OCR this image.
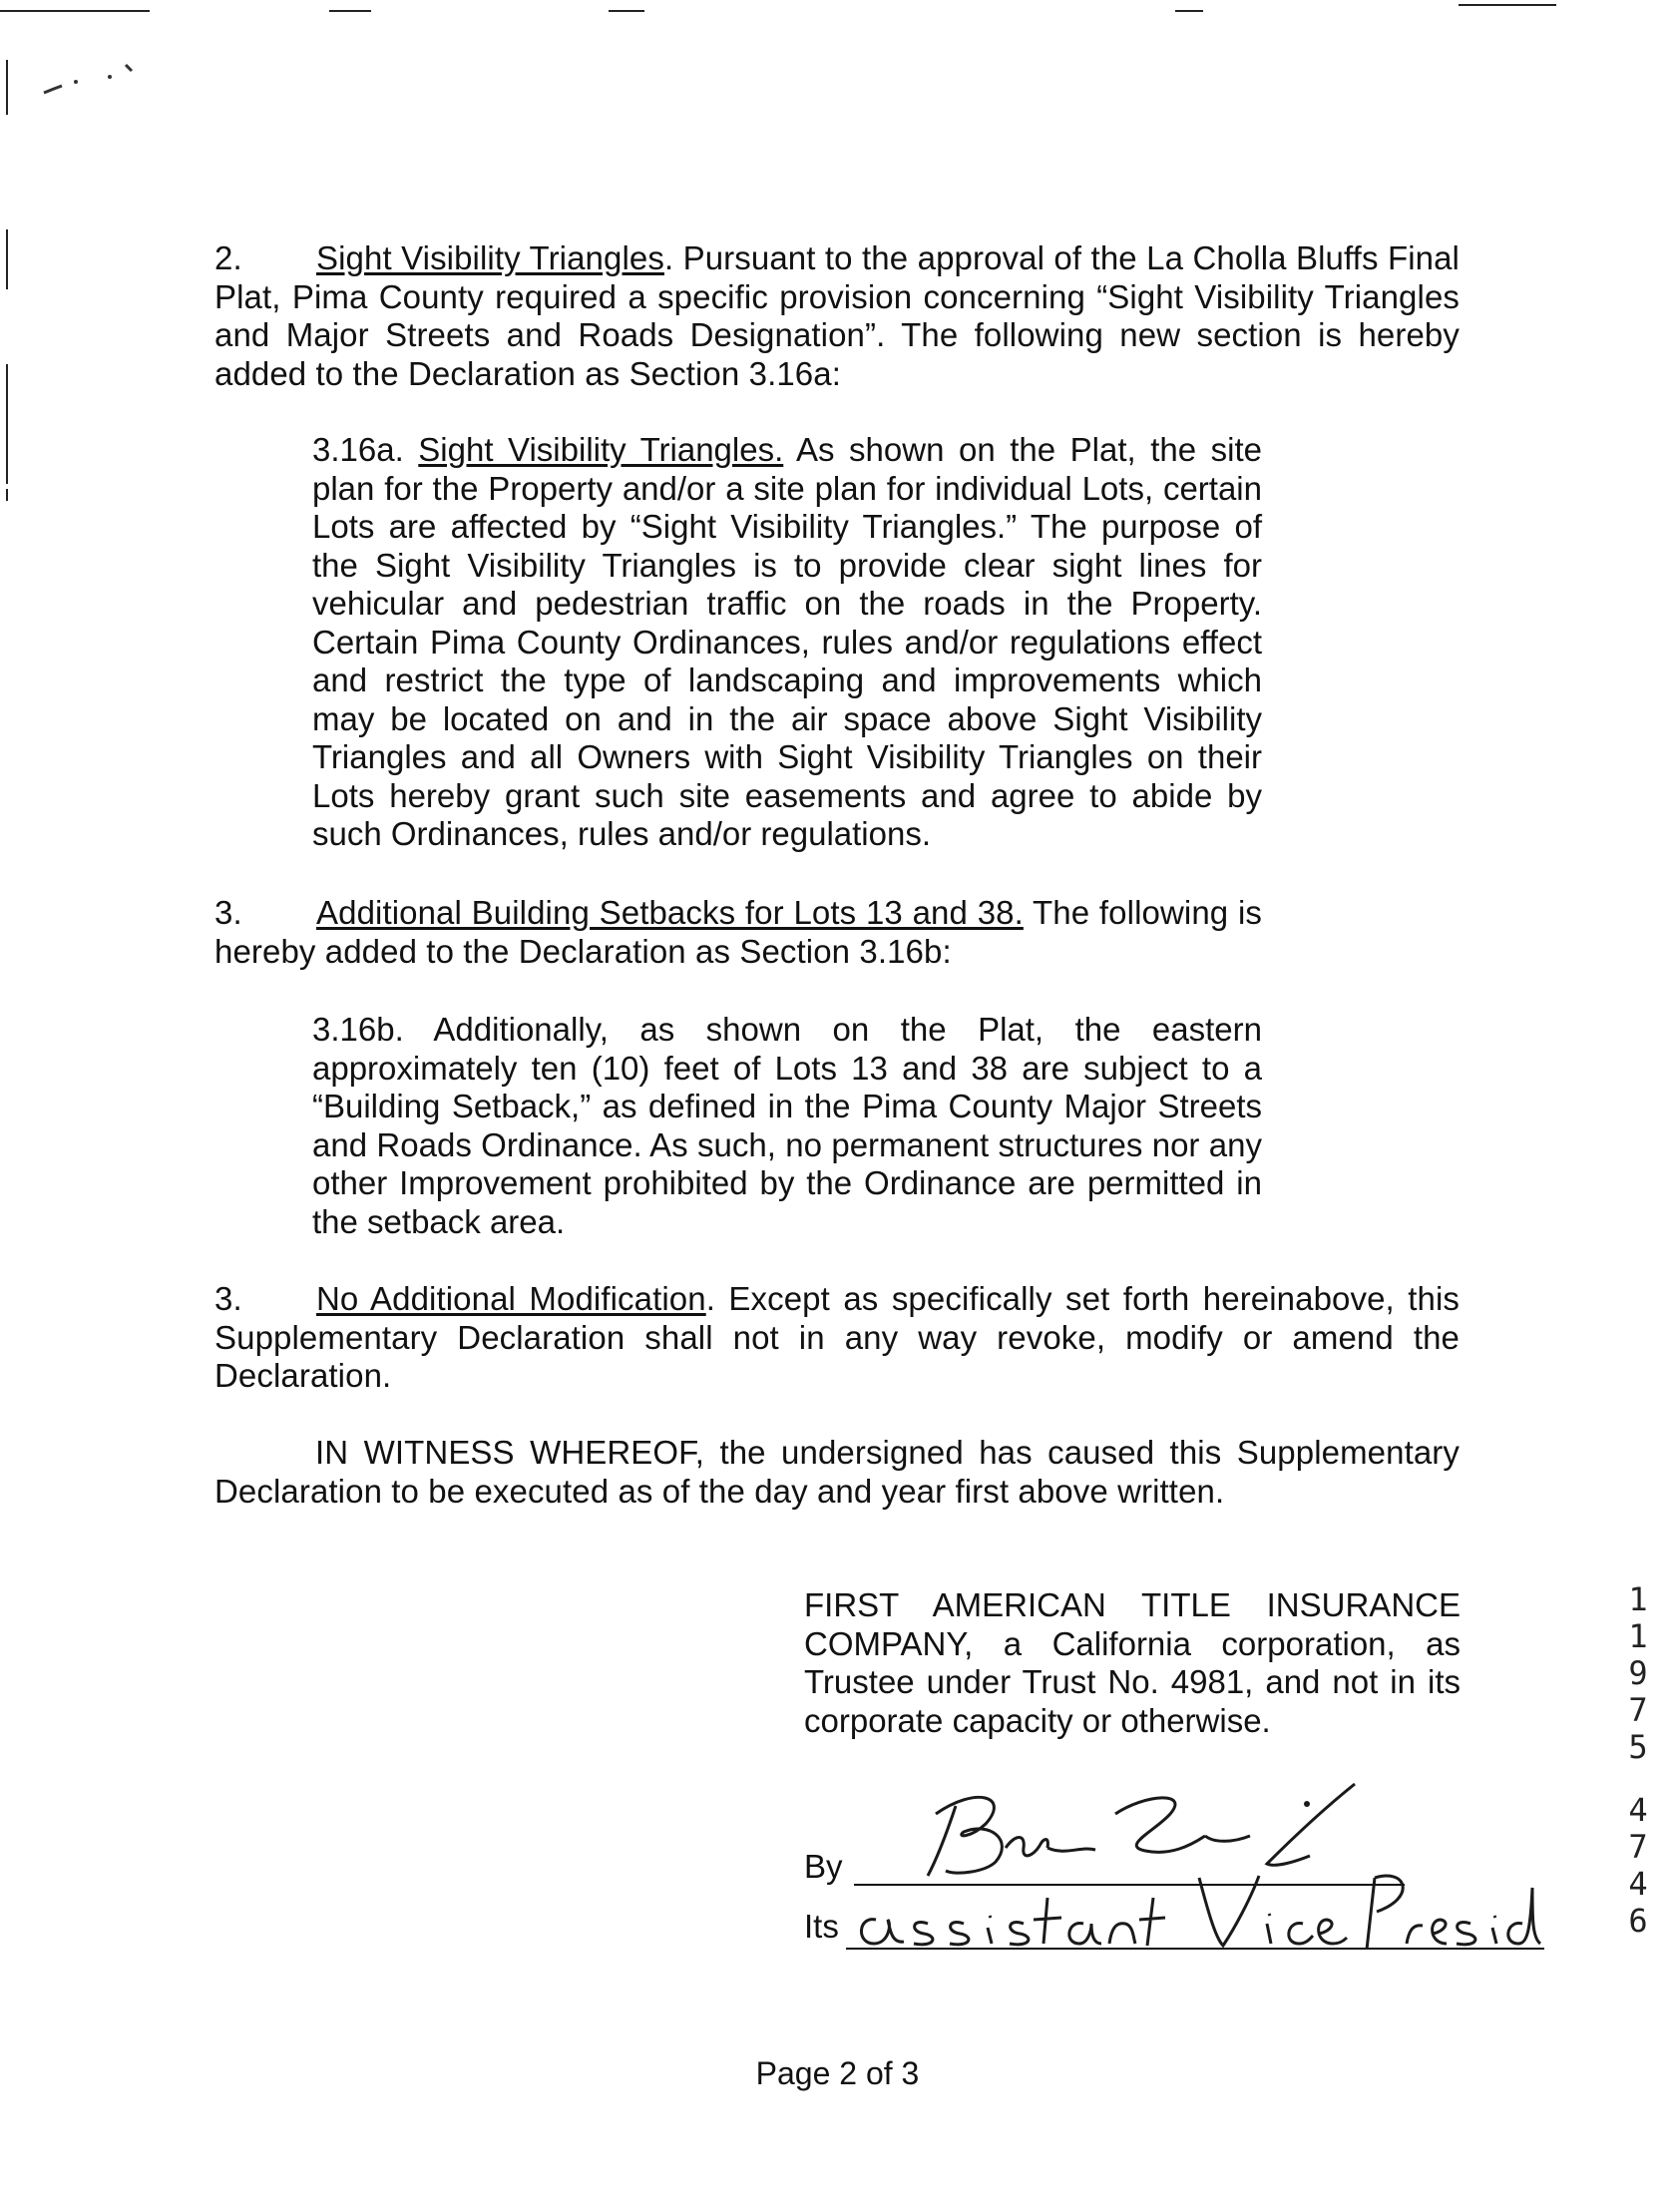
2. Sight Visibility Triangles. Pursuant to the approval of the La Cholla Bluffs Final Plat, Pima County required a specific provision concerning “Sight Visibility Triangles and Major Streets and Roads Designation”. The following new section is hereby added to the Declaration as Section 3.16a:
3.16a. Sight Visibility Triangles. As shown on the Plat, the site plan for the Property and/or a site plan for individual Lots, certain Lots are affected by “Sight Visibility Triangles.” The purpose of the Sight Visibility Triangles is to provide clear sight lines for vehicular and pedestrian traffic on the roads in the Property. Certain Pima County Ordinances, rules and/or regulations effect and restrict the type of landscaping and improvements which may be located on and in the air space above Sight Visibility Triangles and all Owners with Sight Visibility Triangles on their Lots hereby grant such site easements and agree to abide by such Ordinances, rules and/or regulations.
3. Additional Building Setbacks for Lots 13 and 38. The following is hereby added to the Declaration as Section 3.16b:
3.16b. Additionally, as shown on the Plat, the eastern approximately ten (10) feet of Lots 13 and 38 are subject to a “Building Setback,” as defined in the Pima County Major Streets and Roads Ordinance. As such, no permanent structures nor any other Improvement prohibited by the Ordinance are permitted in the setback area.
3. No Additional Modification. Except as specifically set forth hereinabove, this Supplementary Declaration shall not in any way revoke, modify or amend the Declaration.
IN WITNESS WHEREOF, the undersigned has caused this Supplementary Declaration to be executed as of the day and year first above written.
FIRST AMERICAN TITLE INSURANCE COMPANY, a California corporation, as Trustee under Trust No. 4981, and not in its corporate capacity or otherwise.
By
Its
1
1
9
7
5
4
7
4
6
Page 2 of 3
